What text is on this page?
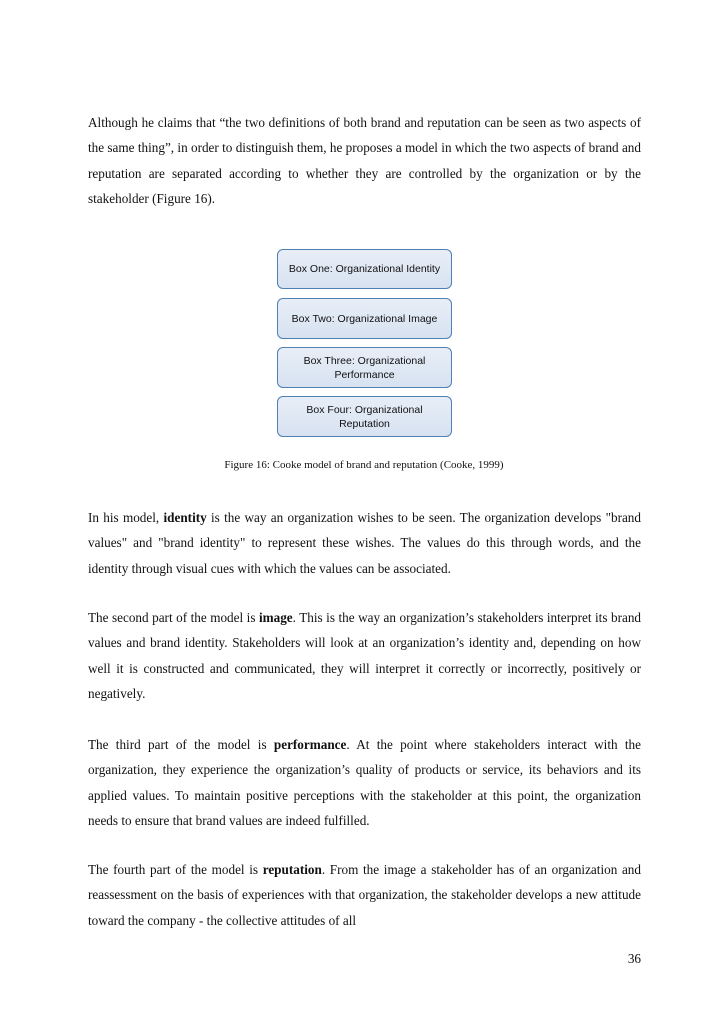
Although he claims that “the two definitions of both brand and reputation can be seen as two aspects of the same thing”, in order to distinguish them, he proposes a model in which the two aspects of brand and reputation are separated according to whether they are controlled by the organization or by the stakeholder (Figure 16).

Box One: Organizational Identity
Box Two: Organizational Image
Box Three: Organizational Performance
Box Four: Organizational Reputation

Figure 16: Cooke model of brand and reputation (Cooke, 1999)

In his model, identity is the way an organization wishes to be seen. The organization develops "brand values" and "brand identity" to represent these wishes. The values do this through words, and the identity through visual cues with which the values can be associated.

The second part of the model is image. This is the way an organization’s stakeholders interpret its brand values and brand identity. Stakeholders will look at an organization’s identity and, depending on how well it is constructed and communicated, they will interpret it correctly or incorrectly, positively or negatively.

The third part of the model is performance. At the point where stakeholders interact with the organization, they experience the organization’s quality of products or service, its behaviors and its applied values. To maintain positive perceptions with the stakeholder at this point, the organization needs to ensure that brand values are indeed fulfilled.

The fourth part of the model is reputation. From the image a stakeholder has of an organization and reassessment on the basis of experiences with that organization, the stakeholder develops a new attitude toward the company - the collective attitudes of all

36
